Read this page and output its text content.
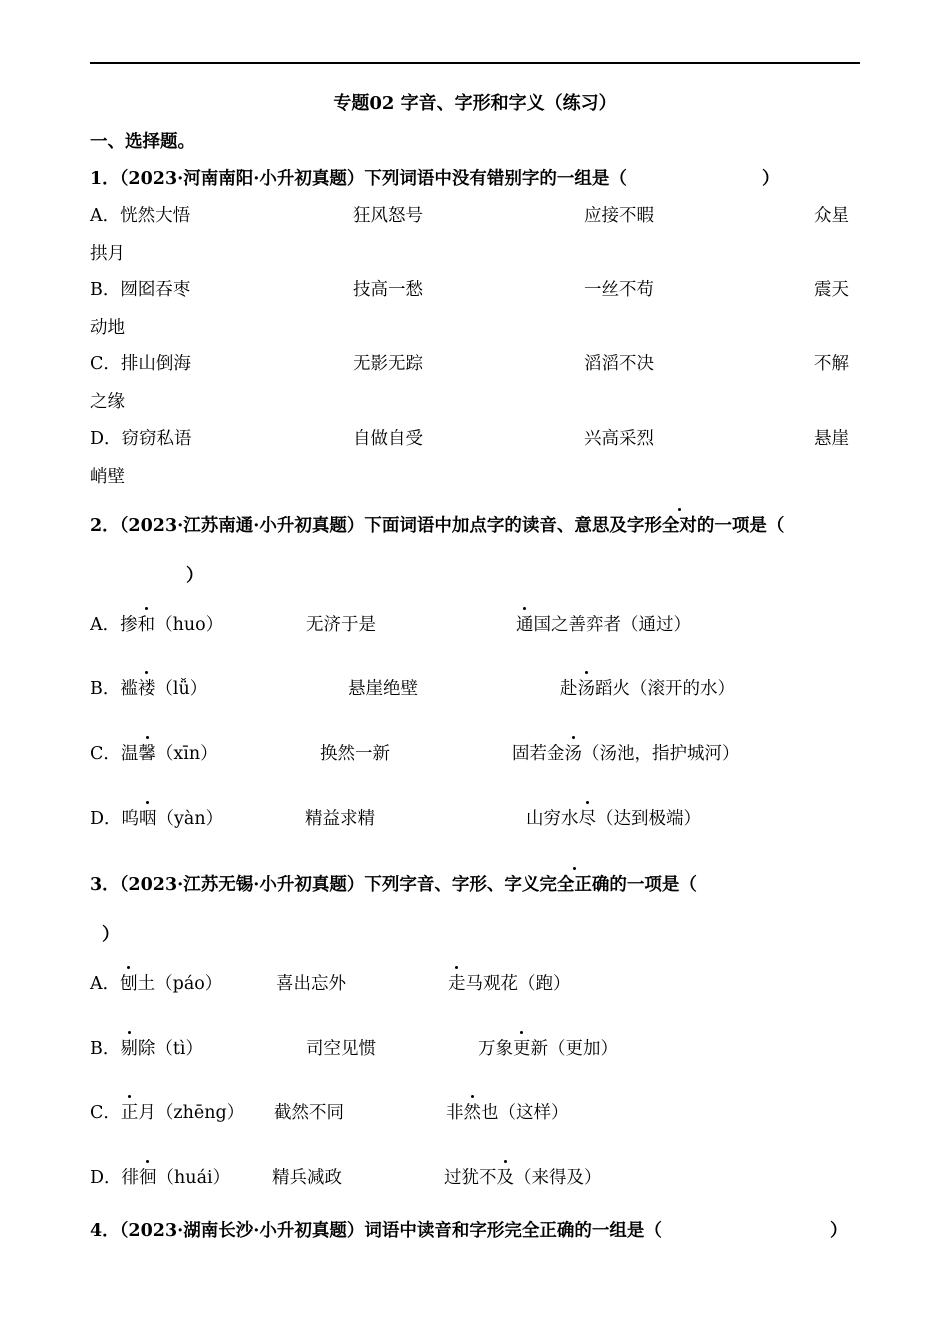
专题02 字音、字形和字义（练习）
一、选择题。
1．（2023·河南南阳·小升初真题）下列词语中没有错别字的一组是（	）
A．恍然大悟	狂风怒号	应接不暇	众星
拱月
B．囫囵吞枣	技高一愁	一丝不苟	震天
动地
C．排山倒海	无影无踪	滔滔不决	不解
之缘
D．窃窃私语	自做自受	兴高采烈	悬崖
峭壁
2．（2023·江苏南通·小升初真题）下面词语中加点字的读音、意思及字形全对的一项是（
）
A．掺和（huo）	无济于是	通国之善弈者（通过）
B．褴褛（lǚ）	悬崖绝壁	赴汤蹈火（滚开的水）
C．温馨（xīn）	换然一新	固若金汤（汤池，指护城河）
D．呜咽（yàn）	精益求精	山穷水尽（达到极端）
3．（2023·江苏无锡·小升初真题）下列字音、字形、字义完全正确的一项是（
）
A．刨土（páo）	喜出忘外	走马观花（跑）
B．剔除（tì）	司空见惯	万象更新（更加）
C．正月（zhēng） 截然不同	非然也（这样）
D．徘徊（huái） 精兵减政	过犹不及（来得及）
4．（2023·湖南长沙·小升初真题）词语中读音和字形完全正确的一组是（	）
